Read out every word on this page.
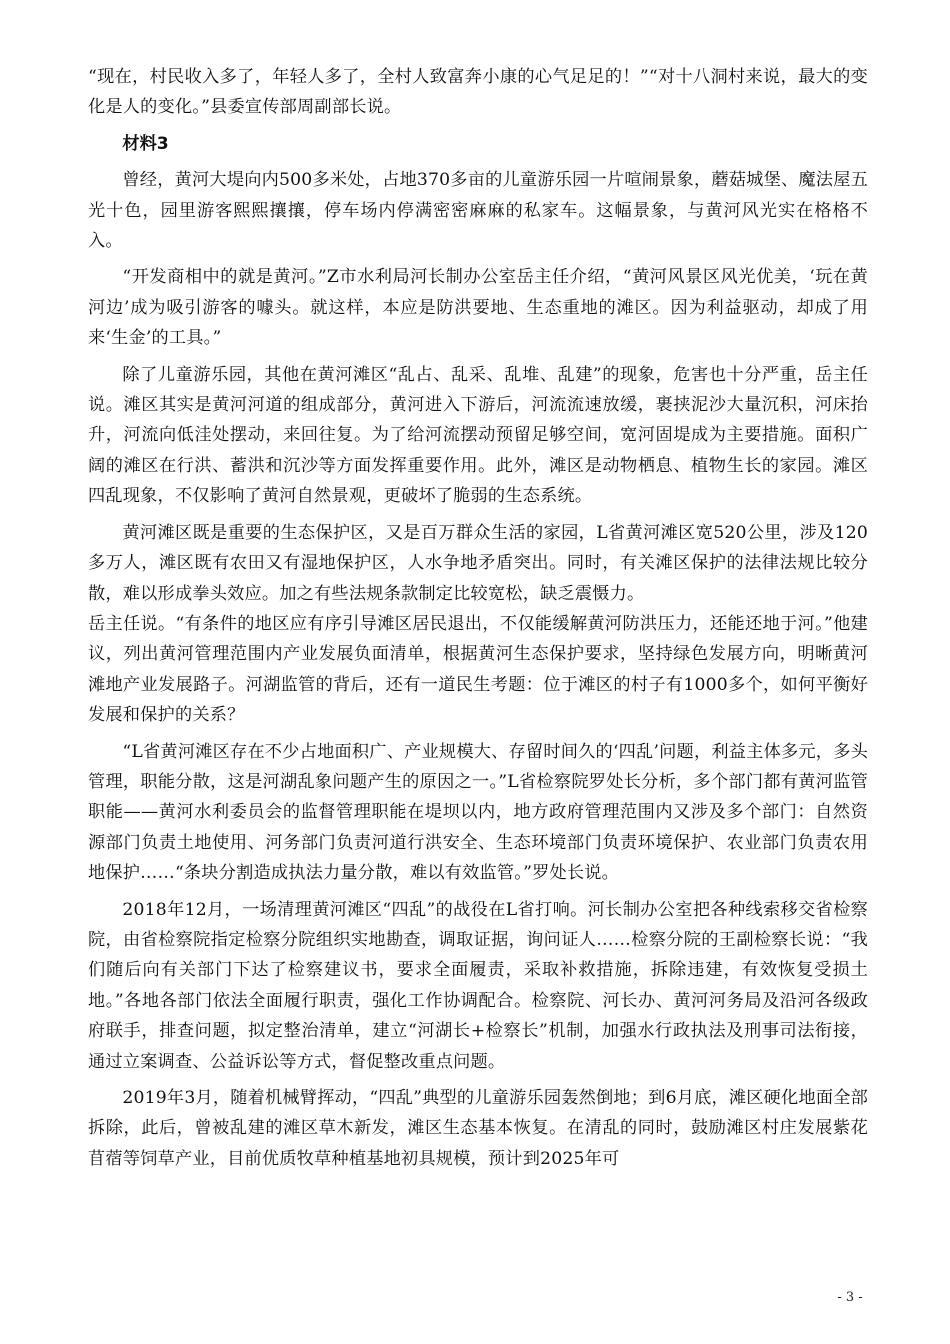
“现在，村民收入多了，年轻人多了，全村人致富奔小康的心气足足的！”“对十八洞村来说，最大的变化是人的变化。”县委宣传部周副部长说。

材料3

曾经，黄河大堤向内500多米处，占地370多亩的儿童游乐园一片喧闹景象，蘑菇城堡、魔法屋五光十色，园里游客熙熙攘攘，停车场内停满密密麻麻的私家车。这幅景象，与黄河风光实在格格不入。

“开发商相中的就是黄河。”Z市水利局河长制办公室岳主任介绍，“黄河风景区风光优美，‘玩在黄河边’成为吸引游客的噱头。就这样，本应是防洪要地、生态重地的滩区。因为利益驱动，却成了用来‘生金’的工具。”

除了儿童游乐园，其他在黄河滩区“乱占、乱采、乱堆、乱建”的现象，危害也十分严重，岳主任说。滩区其实是黄河河道的组成部分，黄河进入下游后，河流流速放缓，裹挟泥沙大量沉积，河床抬升，河流向低洼处摆动，来回往复。为了给河流摆动预留足够空间，宽河固堤成为主要措施。面积广阔的滩区在行洪、蓄洪和沉沙等方面发挥重要作用。此外，滩区是动物栖息、植物生长的家园。滩区四乱现象，不仅影响了黄河自然景观，更破坏了脆弱的生态系统。

黄河滩区既是重要的生态保护区，又是百万群众生活的家园，L省黄河滩区宽520公里，涉及120多万人，滩区既有农田又有湿地保护区，人水争地矛盾突出。同时，有关滩区保护的法律法规比较分散，难以形成拳头效应。加之有些法规条款制定比较宽松，缺乏震慑力。

岳主任说。“有条件的地区应有序引导滩区居民退出，不仅能缓解黄河防洪压力，还能还地于河。”他建议，列出黄河管理范围内产业发展负面清单，根据黄河生态保护要求，坚持绿色发展方向，明晰黄河滩地产业发展路子。河湖监管的背后，还有一道民生考题：位于滩区的村子有1000多个，如何平衡好发展和保护的关系？

“L省黄河滩区存在不少占地面积广、产业规模大、存留时间久的‘四乱’问题，利益主体多元，多头管理，职能分散，这是河湖乱象问题产生的原因之一。”L省检察院罗处长分析，多个部门都有黄河监管职能——黄河水利委员会的监督管理职能在堤坝以内，地方政府管理范围内又涉及多个部门：自然资源部门负责土地使用、河务部门负责河道行洪安全、生态环境部门负责环境保护、农业部门负责农用地保护……“条块分割造成执法力量分散，难以有效监管。”罗处长说。

2018年12月，一场清理黄河滩区“四乱”的战役在L省打响。河长制办公室把各种线索移交省检察院，由省检察院指定检察分院组织实地勘查，调取证据，询问证人……检察分院的王副检察长说：“我们随后向有关部门下达了检察建议书，要求全面履责，采取补救措施，拆除违建，有效恢复受损土地。”各地各部门依法全面履行职责，强化工作协调配合。检察院、河长办、黄河河务局及沿河各级政府联手，排查问题，拟定整治清单，建立“河湖长+检察长”机制，加强水行政执法及刑事司法衔接，通过立案调查、公益诉讼等方式，督促整改重点问题。

2019年3月，随着机械臂挥动，“四乱”典型的儿童游乐园轰然倒地；到6月底，滩区硬化地面全部拆除，此后，曾被乱建的滩区草木新发，滩区生态基本恢复。在清乱的同时，鼓励滩区村庄发展紫花苜蓿等饲草产业，目前优质牧草种植基地初具规模，预计到2025年可

- 3 -
